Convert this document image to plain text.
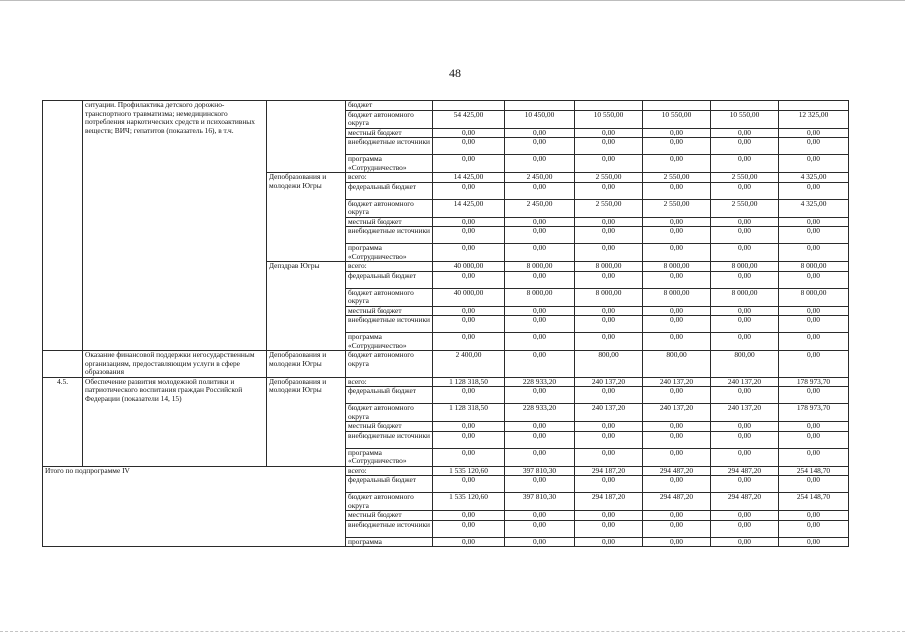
48
	ситуации. Профилактика детского дорожно-транспортного травматизма; немедицинского потребления наркотических средств и психоактивных веществ; ВИЧ; гепатитов (показатель 16), в т.ч.		бюджет						
			бюджет автономного округа	54 425,00	10 450,00	10 550,00	10 550,00	10 550,00	12 325,00
			местный бюджет	0,00	0,00	0,00	0,00	0,00	0,00
			внебюджетные источники	0,00	0,00	0,00	0,00	0,00	0,00
			программа «Сотрудничество»	0,00	0,00	0,00	0,00	0,00	0,00
		Депобразования и молодежи Югры	всего:	14 425,00	2 450,00	2 550,00	2 550,00	2 550,00	4 325,00
			федеральный бюджет	0,00	0,00	0,00	0,00	0,00	0,00
			бюджет автономного округа	14 425,00	2 450,00	2 550,00	2 550,00	2 550,00	4 325,00
			местный бюджет	0,00	0,00	0,00	0,00	0,00	0,00
			внебюджетные источники	0,00	0,00	0,00	0,00	0,00	0,00
			программа «Сотрудничество»	0,00	0,00	0,00	0,00	0,00	0,00
		Депздрав Югры	всего:	40 000,00	8 000,00	8 000,00	8 000,00	8 000,00	8 000,00
			федеральный бюджет	0,00	0,00	0,00	0,00	0,00	0,00
			бюджет автономного округа	40 000,00	8 000,00	8 000,00	8 000,00	8 000,00	8 000,00
			местный бюджет	0,00	0,00	0,00	0,00	0,00	0,00
			внебюджетные источники	0,00	0,00	0,00	0,00	0,00	0,00
			программа «Сотрудничество»	0,00	0,00	0,00	0,00	0,00	0,00
	Оказание финансовой поддержки негосударственным организациям, предоставляющим услуги в сфере образования	Депобразования и молодежи Югры	бюджет автономного округа	2 400,00	0,00	800,00	800,00	800,00	0,00
4.5.	Обеспечение развития молодежной политики и патриотического воспитания граждан Российской Федерации (показатели 14, 15)	Депобразования и молодежи Югры	всего:	1 128 318,50	228 933,20	240 137,20	240 137,20	240 137,20	178 973,70
			федеральный бюджет	0,00	0,00	0,00	0,00	0,00	0,00
			бюджет автономного округа	1 128 318,50	228 933,20	240 137,20	240 137,20	240 137,20	178 973,70
			местный бюджет	0,00	0,00	0,00	0,00	0,00	0,00
			внебюджетные источники	0,00	0,00	0,00	0,00	0,00	0,00
			программа «Сотрудничество»	0,00	0,00	0,00	0,00	0,00	0,00
Итого по подпрограмме IV			всего:	1 535 120,60	397 810,30	294 187,20	294 487,20	294 487,20	254 148,70
			федеральный бюджет	0,00	0,00	0,00	0,00	0,00	0,00
			бюджет автономного округа	1 535 120,60	397 810,30	294 187,20	294 487,20	294 487,20	254 148,70
			местный бюджет	0,00	0,00	0,00	0,00	0,00	0,00
			внебюджетные источники	0,00	0,00	0,00	0,00	0,00	0,00
			программа	0,00	0,00	0,00	0,00	0,00	0,00
